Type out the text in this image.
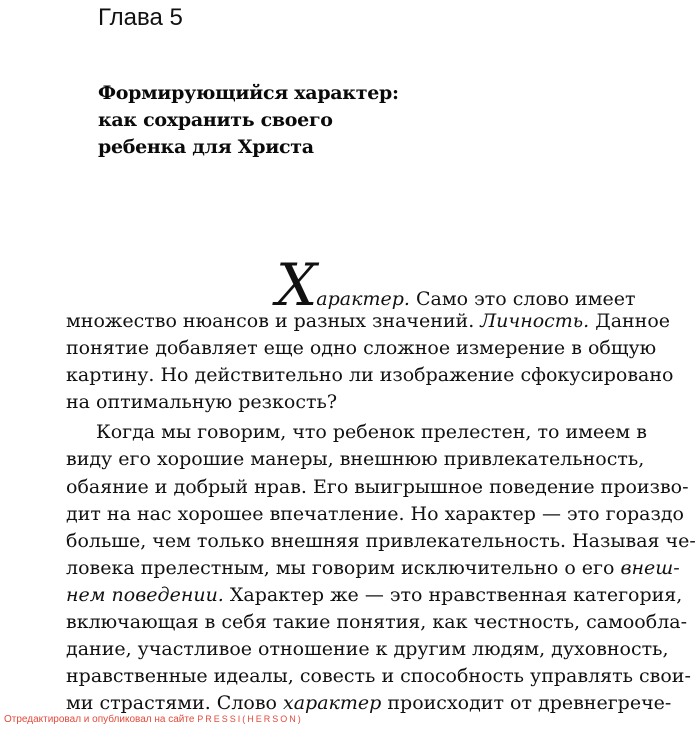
Глава 5
Формирующийся характер:
как сохранить своего
ребенка для Христа
Х арактер. Само это слово имеет
множество нюансов и разных значений. Личность. Данное
понятие добавляет еще одно сложное измерение в общую
картину. Но действительно ли изображение сфокусировано
на оптимальную резкость?
Когда мы говорим, что ребенок прелестен, то имеем в
виду его хорошие манеры, внешнюю привлекательность,
обаяние и добрый нрав. Его выигрышное поведение произво-
дит на нас хорошее впечатление. Но характер — это гораздо
больше, чем только внешняя привлекательность. Называя че-
ловека прелестным, мы говорим исключительно о его внеш-
нем поведении. Характер же — это нравственная категория,
включающая в себя такие понятия, как честность, самообла-
дание, участливое отношение к другим людям, духовность,
нравственные идеалы, совесть и способность управлять свои-
ми страстями. Слово характер происходит от древнегрече-
Отредактировал и опубликовал на сайте PRESSI(HERSON)
